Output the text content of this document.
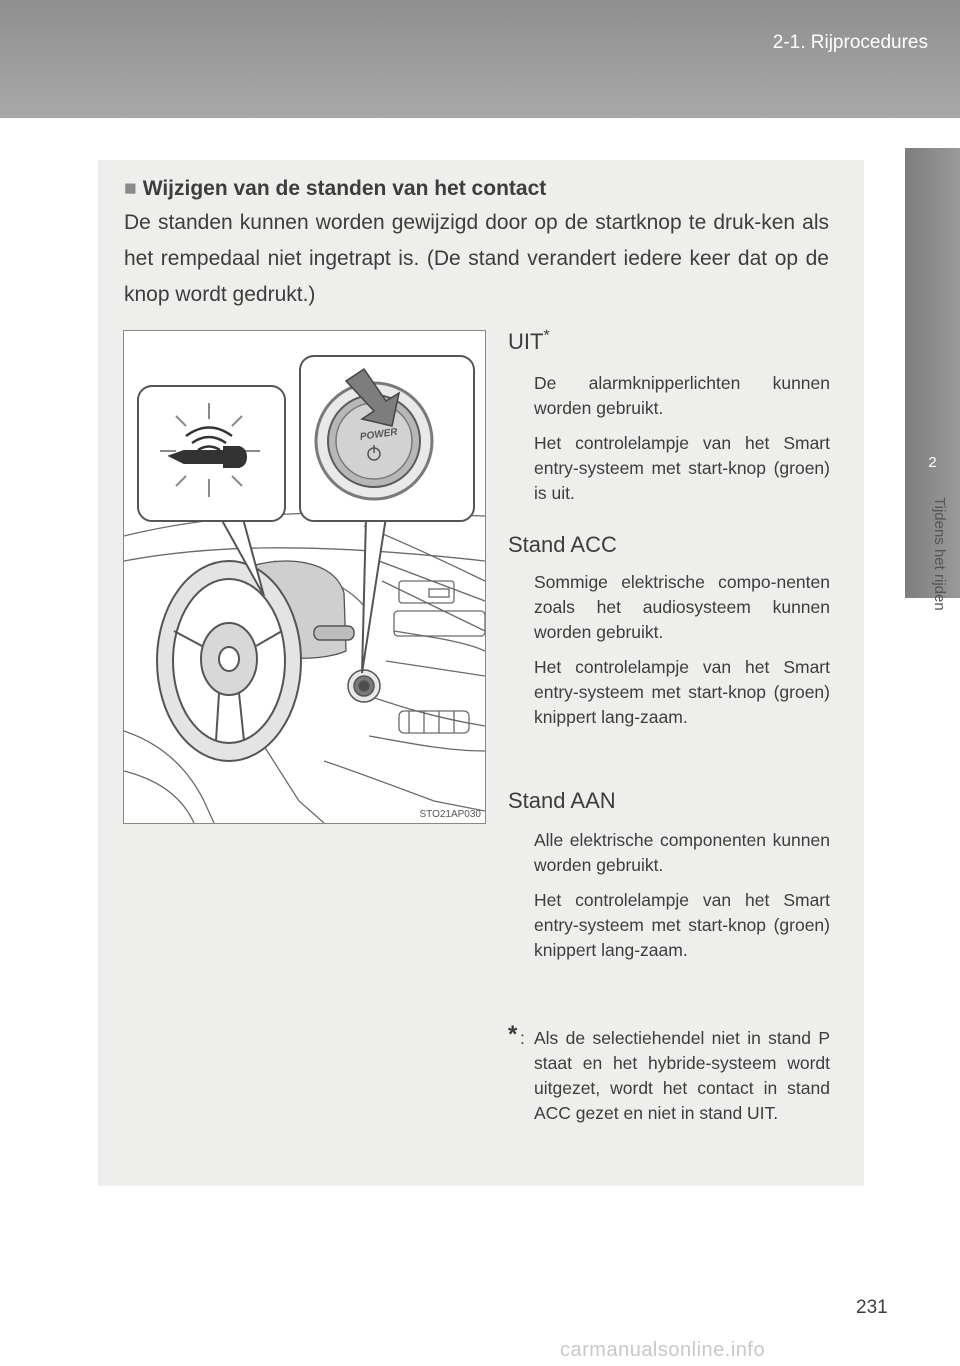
2-1. Rijprocedures
2
Tijdens het rijden
■ Wijzigen van de standen van het contact
De standen kunnen worden gewijzigd door op de startknop te druk-ken als het rempedaal niet ingetrapt is. (De stand verandert iedere keer dat op de knop wordt gedrukt.)
POWER
STO21AP030
UIT*
De alarmknipperlichten kunnen worden gebruikt.
Het controlelampje van het Smart entry-systeem met start-knop (groen) is uit.
Stand ACC
Sommige elektrische compo-nenten zoals het audiosysteem kunnen worden gebruikt.
Het controlelampje van het Smart entry-systeem met start-knop (groen) knippert lang-zaam.
Stand AAN
Alle elektrische componenten kunnen worden gebruikt.
Het controlelampje van het Smart entry-systeem met start-knop (groen) knippert lang-zaam.
* : Als de selectiehendel niet in stand P staat en het hybride-systeem wordt uitgezet, wordt het contact in stand ACC gezet en niet in stand UIT.
231
carmanualsonline.info
